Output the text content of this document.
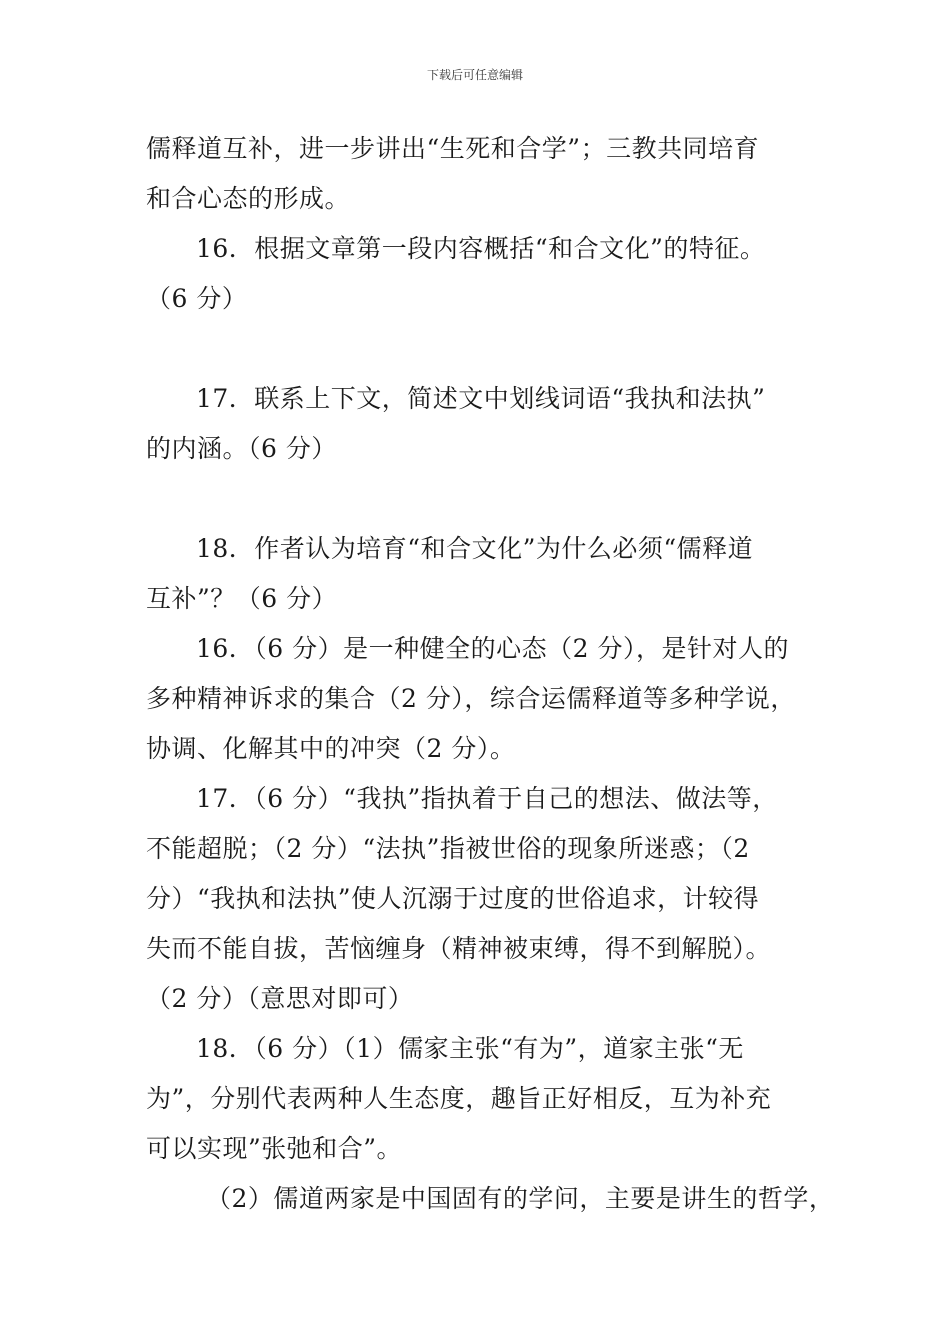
下载后可任意编辑
儒释道互补，进一步讲出“生死和合学”；三教共同培育
和合心态的形成。
16．根据文章第一段内容概括“和合文化”的特征。
（6 分）
17．联系上下文，简述文中划线词语“我执和法执”
的内涵。（6 分）
18．作者认为培育“和合文化”为什么必须“儒释道
互补”？（6 分）
16．（6 分）是一种健全的心态（2 分），是针对人的
多种精神诉求的集合（2 分），综合运儒释道等多种学说，
协调、化解其中的冲突（2 分）。
17．（6 分）“我执”指执着于自己的想法、做法等，
不能超脱；（2 分）“法执”指被世俗的现象所迷惑；（2
分）“我执和法执”使人沉溺于过度的世俗追求，计较得
失而不能自拔，苦恼缠身（精神被束缚，得不到解脱）。
（2 分）（意思对即可）
18．（6 分）（1）儒家主张“有为”，道家主张“无
为”，分别代表两种人生态度，趣旨正好相反，互为补充
可以实现”张弛和合”。
（2）儒道两家是中国固有的学问，主要是讲生的哲学，
